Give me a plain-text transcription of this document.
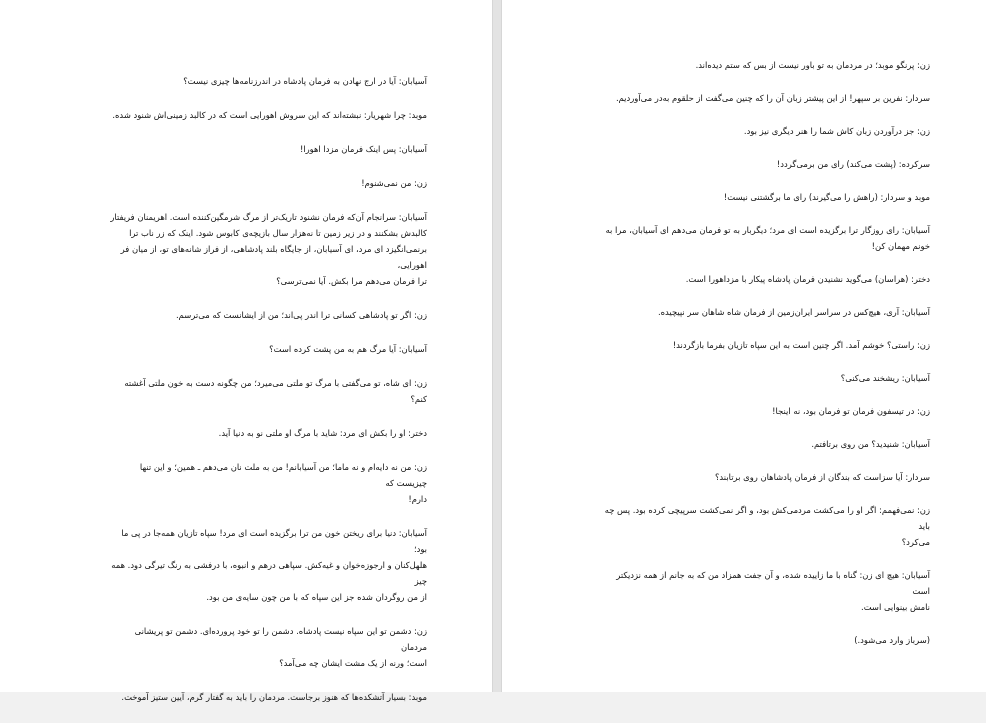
آسیابان: آیا در ارج نهادن به فرمان پادشاه در اندرزنامه‌ها چیزی نیست؟

موبد: چرا شهریار: نبشته‌اند که این سروش اهورایی است که در کالبد زمینی‌اش شنود شده.

آسیابان: پس اینک فرمان مزدا اهورا!

زن: من نمی‌شنوم!

آسیابان: سرانجام آن‌که فرمان نشنود تاریک‌تر از مرگ شرمگین‌کننده است. اهریمنان فریفتار
کالبدش بشکنند و در زیر زمین تا نه‌هزار سال بازیچه‌ی کابوس شود. اینک که زر ناب ترا
برنمی‌انگیزد ای مرد، ای آسیابان، از جایگاه بلند پادشاهی، از فراز شانه‌های تو، از میان فر اهورایی،
ترا فرمان می‌دهم مرا بکش. آیا نمی‌ترسی؟

زن: اگر تو پادشاهی کسانی ترا اندر پی‌اند؛ من از ایشانست که می‌ترسم.

آسیابان: آیا مرگ هم به من پشت کرده است؟

زن: ای شاه، تو می‌گفتی با مرگ تو ملتی می‌میرد؛ من چگونه دست به خون ملتی آغشته کنم؟

دختر: او را بکش ای مرد: شاید با مرگ او ملتی نو به دنیا آید.

زن: من نه دایه‌ام و نه ماما؛ من آسیابانم! من به ملت نان می‌دهم ـ همین؛ و این تنها چیزیست که
دارم!

آسیابان: دنیا برای ریختن خون من ترا برگزیده است ای مرد! سپاه تازیان همه‌جا در پی ما بود؛
هلهل‌کنان و ارجوزه‌خوان و غیه‌کش. سپاهی درهم و انبوه، با درفشی به رنگ تیرگی دود. همه چیز
از من روگردان شده جز این سپاه که با من چون سایه‌ی من بود.

زن: دشمن تو این سپاه نیست پادشاه. دشمن را تو خود پرورده‌ای. دشمن تو پریشانی مردمان
است؛ ورنه از یک مشت ایشان چه می‌آمد؟

موبد: بسیار آتشکده‌ها که هنوز برجاست. مردمان را باید به گفتار گرم، آیین ستیز آموخت.

زن: پرنگو موبد؛ در مردمان به تو باور نیست از بس که ستم دیده‌اند.

سردار: نفرین بر سپهر! از این پیشتر زبان آن را که چنین می‌گفت از حلقوم به‌در می‌آوردیم.

زن: جز درآوردن زبان کاش شما را هنر دیگری نیز بود.

سرکرده: (پشت می‌کند) رای من برمی‌گردد!

موبد و سردار: (راهش را می‌گیرند) رای ما برگشتنی نیست!

آسیابان: رای روزگار ترا برگزیده است ای مرد؛ دیگربار به تو فرمان می‌دهم ای آسیابان، مرا به
خونم مهمان کن!

دختر: (هراسان) می‌گوید نشنیدن فرمان پادشاه پیکار با مزداهورا است.

آسیابان: آری، هیچ‌کس در سراسر ایران‌زمین از فرمان شاه شاهان سر نپیچیده.

زن: راستی؟ خوشم آمد. اگر چنین است به این سپاه تازیان بفرما بازگردند!

آسیابان: ریشخند می‌کنی؟

زن: در تیسفون فرمان تو فرمان بود، نه اینجا!

آسیابان: شنیدید؟ من روی برتافتم.

سردار: آیا سزاست که بندگان از فرمان پادشاهان روی برتابند؟

زن: نمی‌فهمم: اگر او را می‌کشت مردمی‌کش بود، و اگر نمی‌کشت سرپیچی کرده بود. پس چه باید
می‌کرد؟

آسیابان: هیچ ای زن: گناه با ما زاییده شده، و آن جفت همزاد من که به جانم از همه نزدیکتر است
نامش بینوایی است.

(سرباز وارد می‌شود.)
